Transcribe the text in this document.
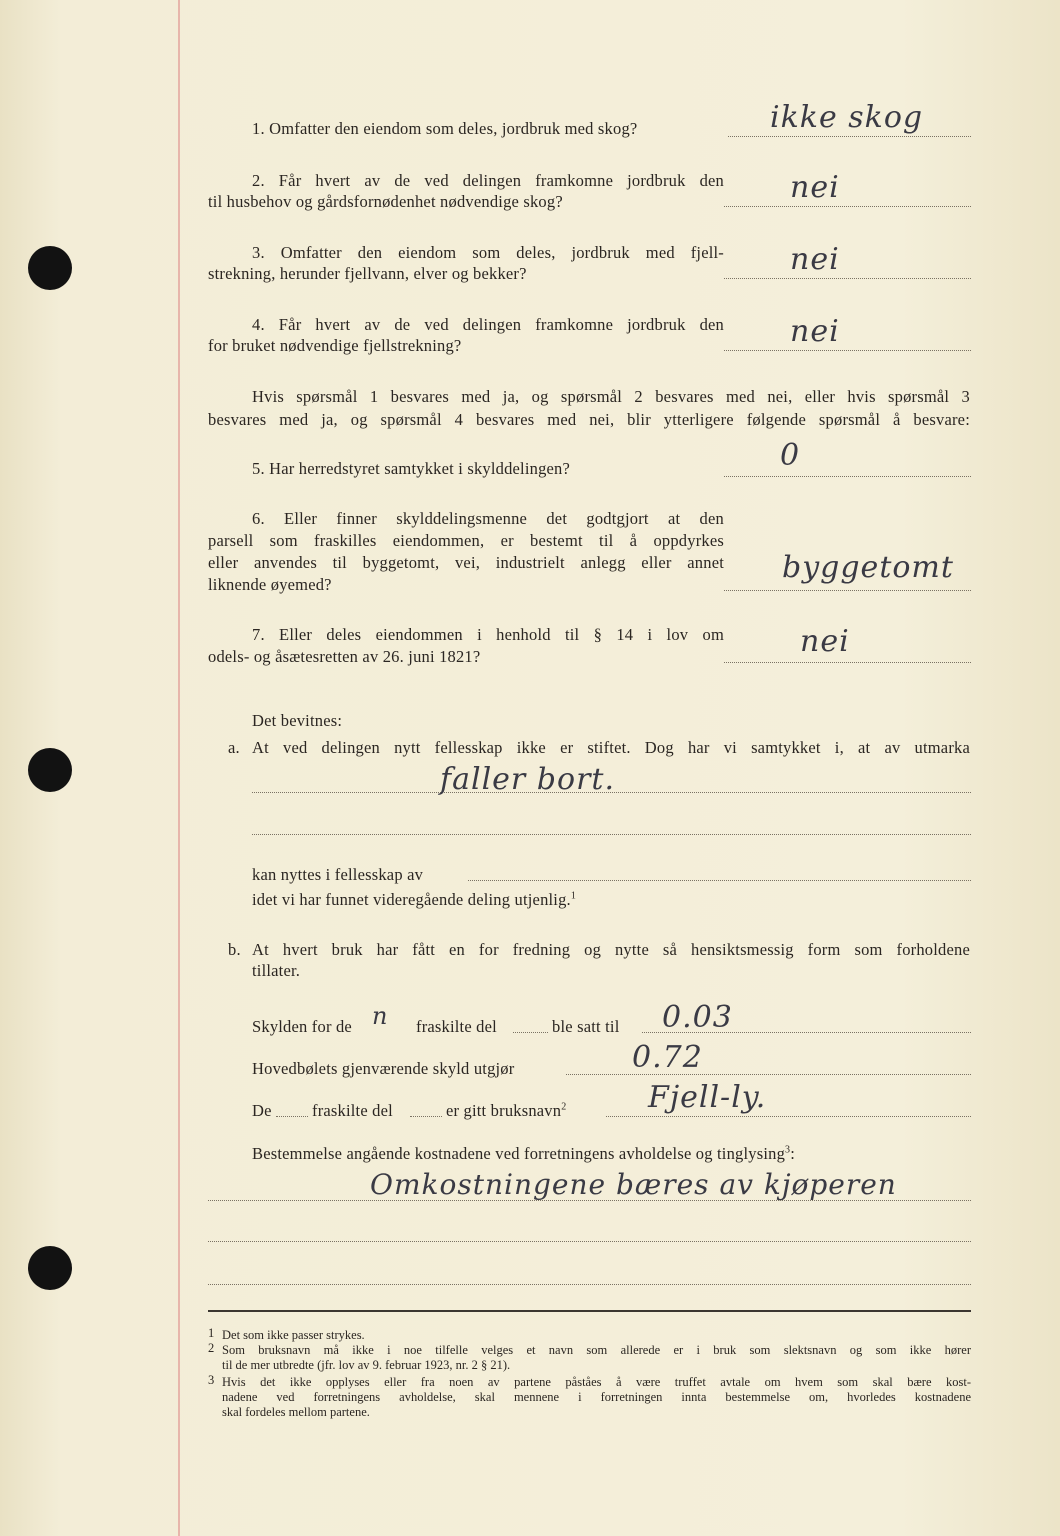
1. Omfatter den eiendom som deles, jordbruk med skog?	ikke skog
2. Får hvert av de ved delingen framkomne jordbruk den
til husbehov og gårdsfornødenhet nødvendige skog?	nei
3. Omfatter den eiendom som deles, jordbruk med fjell-
strekning, herunder fjellvann, elver og bekker?	nei
4. Får hvert av de ved delingen framkomne jordbruk den
for bruket nødvendige fjellstrekning?	nei
Hvis spørsmål 1 besvares med ja, og spørsmål 2 besvares med nei, eller hvis spørsmål 3
besvares med ja, og spørsmål 4 besvares med nei, blir ytterligere følgende spørsmål å besvare:
5. Har herredstyret samtykket i skylddelingen?	0
6. Eller finner skylddelingsmenne det godtgjort at den
parsell som fraskilles eiendommen, er bestemt til å oppdyrkes
eller anvendes til byggetomt, vei, industrielt anlegg eller annet
liknende øyemed?	byggetomt
7. Eller deles eiendommen i henhold til § 14 i lov om
odels- og åsætesretten av 26. juni 1821?	nei
Det bevitnes:
a. At ved delingen nytt fellesskap ikke er stiftet. Dog har vi samtykket i, at av utmarka
faller bort.
kan nyttes i fellesskap av
idet vi har funnet videregående deling utjenlig.$^1$
b. At hvert bruk har fått en for fredning og nytte så hensiktsmessig form som forholdene
tillater.
Skylden for de n fraskilte del	ble satt til 0.03
Hovedbølets gjenværende skyld utgjør	0.72
De fraskilte del	er gitt bruksnavn$^2$	Fjell-ly.
Bestemmelse angående kostnadene ved forretningens avholdelse og tinglysing$^3$:
Omkostningene bæres av kjøperen
1 Det som ikke passer strykes.
2 Som bruksnavn må ikke i noe tilfelle velges et navn som allerede er i bruk som slektsnavn og som ikke hører
til de mer utbredte (jfr. lov av 9. februar 1923, nr. 2 § 21).
3 Hvis det ikke opplyses eller fra noen av partene påståes å være truffet avtale om hvem som skal bære kost-
nadene ved forretningens avholdelse, skal mennene i forretningen innta bestemmelse om, hvorledes kostnadene
skal fordeles mellom partene.
